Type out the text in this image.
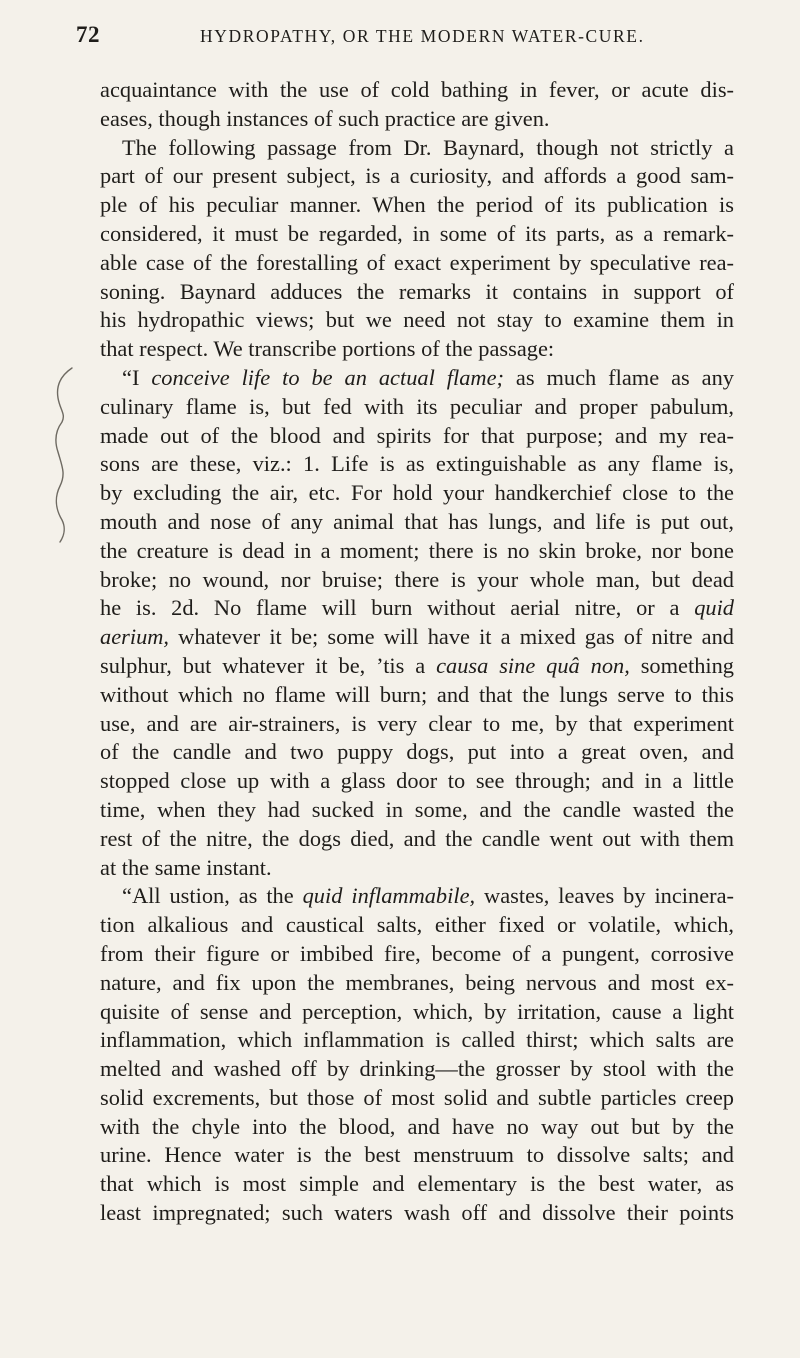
72	HYDROPATHY, OR THE MODERN WATER-CURE.
acquaintance with the use of cold bathing in fever, or acute dis-
eases, though instances of such practice are given.
The following passage from Dr. Baynard, though not strictly a
part of our present subject, is a curiosity, and affords a good sam-
ple of his peculiar manner. When the period of its publication is
considered, it must be regarded, in some of its parts, as a remark-
able case of the forestalling of exact experiment by speculative rea-
soning. Baynard adduces the remarks it contains in support of
his hydropathic views; but we need not stay to examine them in
that respect. We transcribe portions of the passage:
“I conceive life to be an actual flame; as much flame as any
culinary flame is, but fed with its peculiar and proper pabulum,
made out of the blood and spirits for that purpose; and my rea-
sons are these, viz.: 1. Life is as extinguishable as any flame is,
by excluding the air, etc. For hold your handkerchief close to the
mouth and nose of any animal that has lungs, and life is put out,
the creature is dead in a moment; there is no skin broke, nor bone
broke; no wound, nor bruise; there is your whole man, but dead
he is. 2d. No flame will burn without aerial nitre, or a quid
aerium, whatever it be; some will have it a mixed gas of nitre and
sulphur, but whatever it be, ’tis a causa sine quâ non, something
without which no flame will burn; and that the lungs serve to this
use, and are air-strainers, is very clear to me, by that experiment
of the candle and two puppy dogs, put into a great oven, and
stopped close up with a glass door to see through; and in a little
time, when they had sucked in some, and the candle wasted the
rest of the nitre, the dogs died, and the candle went out with them
at the same instant.
“All ustion, as the quid inflammabile, wastes, leaves by incinera-
tion alkalious and caustical salts, either fixed or volatile, which,
from their figure or imbibed fire, become of a pungent, corrosive
nature, and fix upon the membranes, being nervous and most ex-
quisite of sense and perception, which, by irritation, cause a light
inflammation, which inflammation is called thirst; which salts are
melted and washed off by drinking—the grosser by stool with the
solid excrements, but those of most solid and subtle particles creep
with the chyle into the blood, and have no way out but by the
urine. Hence water is the best menstruum to dissolve salts; and
that which is most simple and elementary is the best water, as
least impregnated; such waters wash off and dissolve their points
